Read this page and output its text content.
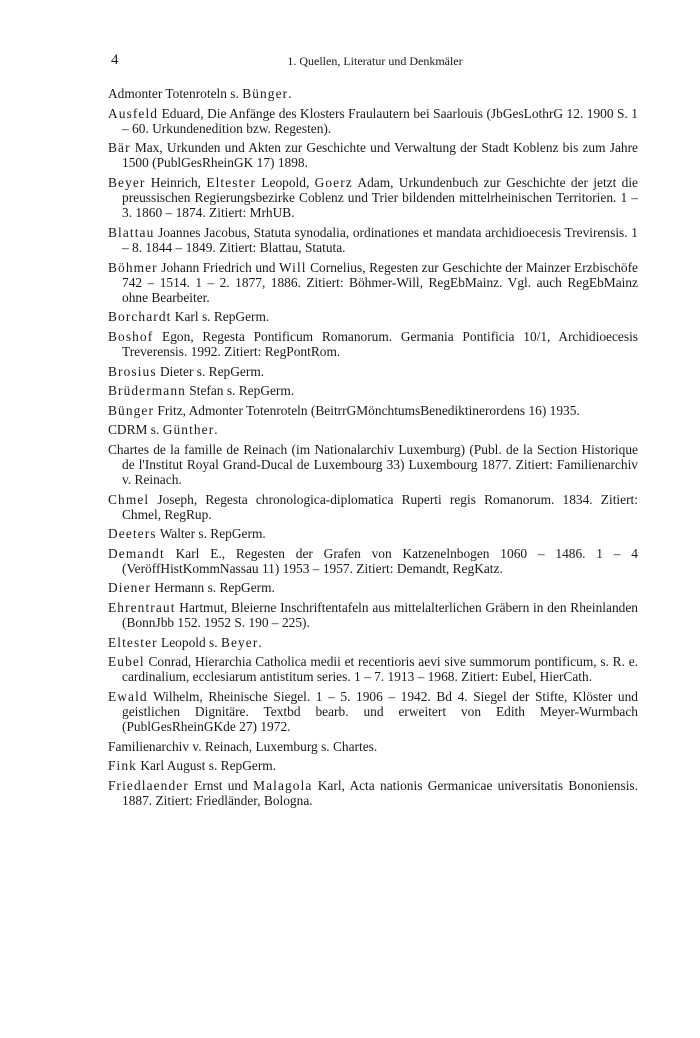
4	1. Quellen, Literatur und Denkmäler

Admonter Totenroteln s. Bünger.

Ausfeld Eduard, Die Anfänge des Klosters Fraulautern bei Saarlouis (JbGesLothrG 12. 1900 S. 1 – 60. Urkundenedition bzw. Regesten).

Bär Max, Urkunden und Akten zur Geschichte und Verwaltung der Stadt Koblenz bis zum Jahre 1500 (PublGesRheinGK 17) 1898.

Beyer Heinrich, Eltester Leopold, Goerz Adam, Urkundenbuch zur Geschichte der jetzt die preussischen Regierungsbezirke Coblenz und Trier bildenden mittelrheinischen Territorien. 1 – 3. 1860 – 1874. Zitiert: MrhUB.

Blattau Joannes Jacobus, Statuta synodalia, ordinationes et mandata archidioecesis Trevirensis. 1 – 8. 1844 – 1849. Zitiert: Blattau, Statuta.

Böhmer Johann Friedrich und Will Cornelius, Regesten zur Geschichte der Mainzer Erzbischöfe 742 – 1514. 1 – 2. 1877, 1886. Zitiert: Böhmer-Will, RegEbMainz. Vgl. auch RegEbMainz ohne Bearbeiter.

Borchardt Karl s. RepGerm.

Boshof Egon, Regesta Pontificum Romanorum. Germania Pontificia 10/1, Archidioecesis Treverensis. 1992. Zitiert: RegPontRom.

Brosius Dieter s. RepGerm.

Brüdermann Stefan s. RepGerm.

Bünger Fritz, Admonter Totenroteln (BeitrrGMönchtumsBenediktinerordens 16) 1935.

CDRM s. Günther.

Chartes de la famille de Reinach (im Nationalarchiv Luxemburg) (Publ. de la Section Historique de l'Institut Royal Grand-Ducal de Luxembourg 33) Luxembourg 1877. Zitiert: Familienarchiv v. Reinach.

Chmel Joseph, Regesta chronologica-diplomatica Ruperti regis Romanorum. 1834. Zitiert: Chmel, RegRup.

Deeters Walter s. RepGerm.

Demandt Karl E., Regesten der Grafen von Katzenelnbogen 1060 – 1486. 1 – 4 (VeröffHistKommNassau 11) 1953 – 1957. Zitiert: Demandt, RegKatz.

Diener Hermann s. RepGerm.

Ehrentraut Hartmut, Bleierne Inschriftentafeln aus mittelalterlichen Gräbern in den Rheinlanden (BonnJbb 152. 1952 S. 190 – 225).

Eltester Leopold s. Beyer.

Eubel Conrad, Hierarchia Catholica medii et recentioris aevi sive summorum pontificum, s. R. e. cardinalium, ecclesiarum antistitum series. 1 – 7. 1913 – 1968. Zitiert: Eubel, HierCath.

Ewald Wilhelm, Rheinische Siegel. 1 – 5. 1906 – 1942. Bd 4. Siegel der Stifte, Klöster und geistlichen Dignitäre. Textbd bearb. und erweitert von Edith Meyer-Wurmbach (PublGesRheinGKde 27) 1972.

Familienarchiv v. Reinach, Luxemburg s. Chartes.

Fink Karl August s. RepGerm.

Friedlaender Ernst und Malagola Karl, Acta nationis Germanicae universitatis Bononiensis. 1887. Zitiert: Friedländer, Bologna.
